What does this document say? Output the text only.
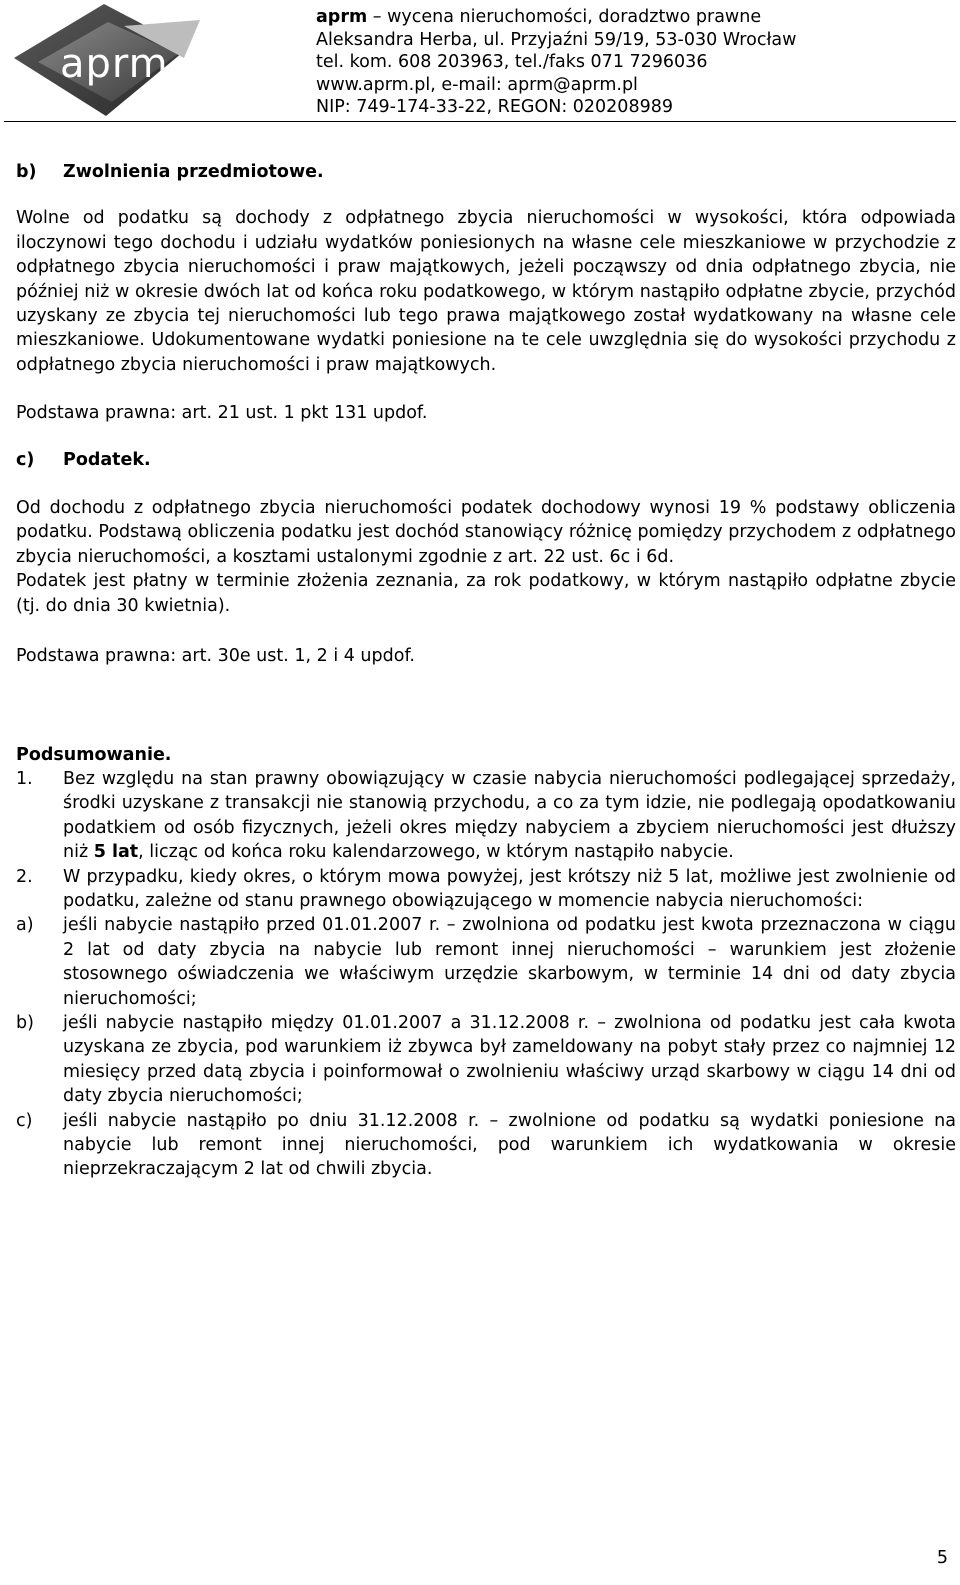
aprm
aprm – wycena nieruchomości, doradztwo prawne
Aleksandra Herba, ul. Przyjaźni 59/19, 53-030 Wrocław
tel. kom. 608 203963, tel./faks 071 7296036
www.aprm.pl, e-mail: aprm@aprm.pl
NIP: 749-174-33-22, REGON: 020208989
b) Zwolnienia przedmiotowe.

Wolne od podatku są dochody z odpłatnego zbycia nieruchomości w wysokości, która odpowiada iloczynowi tego dochodu i udziału wydatków poniesionych na własne cele mieszkaniowe w przychodzie z odpłatnego zbycia nieruchomości i praw majątkowych, jeżeli począwszy od dnia odpłatnego zbycia, nie później niż w okresie dwóch lat od końca roku podatkowego, w którym nastąpiło odpłatne zbycie, przychód uzyskany ze zbycia tej nieruchomości lub tego prawa majątkowego został wydatkowany na własne cele mieszkaniowe. Udokumentowane wydatki poniesione na te cele uwzględnia się do wysokości przychodu z odpłatnego zbycia nieruchomości i praw majątkowych.

Podstawa prawna: art. 21 ust. 1 pkt 131 updof.

c) Podatek.

Od dochodu z odpłatnego zbycia nieruchomości podatek dochodowy wynosi 19 % podstawy obliczenia podatku. Podstawą obliczenia podatku jest dochód stanowiący różnicę pomiędzy przychodem z odpłatnego zbycia nieruchomości, a kosztami ustalonymi zgodnie z art. 22 ust. 6c i 6d.

Podatek jest płatny w terminie złożenia zeznania, za rok podatkowy, w którym nastąpiło odpłatne zbycie (tj. do dnia 30 kwietnia).

Podstawa prawna: art. 30e ust. 1, 2 i 4 updof.

Podsumowanie.
1. Bez względu na stan prawny obowiązujący w czasie nabycia nieruchomości podlegającej sprzedaży, środki uzyskane z transakcji nie stanowią przychodu, a co za tym idzie, nie podlegają opodatkowaniu podatkiem od osób fizycznych, jeżeli okres między nabyciem a zbyciem nieruchomości jest dłuższy niż 5 lat, licząc od końca roku kalendarzowego, w którym nastąpiło nabycie.
2. W przypadku, kiedy okres, o którym mowa powyżej, jest krótszy niż 5 lat, możliwe jest zwolnienie od podatku, zależne od stanu prawnego obowiązującego w momencie nabycia nieruchomości:
a) jeśli nabycie nastąpiło przed 01.01.2007 r. – zwolniona od podatku jest kwota przeznaczona w ciągu 2 lat od daty zbycia na nabycie lub remont innej nieruchomości – warunkiem jest złożenie stosownego oświadczenia we właściwym urzędzie skarbowym, w terminie 14 dni od daty zbycia nieruchomości;
b) jeśli nabycie nastąpiło między 01.01.2007 a 31.12.2008 r. – zwolniona od podatku jest cała kwota uzyskana ze zbycia, pod warunkiem iż zbywca był zameldowany na pobyt stały przez co najmniej 12 miesięcy przed datą zbycia i poinformował o zwolnieniu właściwy urząd skarbowy w ciągu 14 dni od daty zbycia nieruchomości;
c) jeśli nabycie nastąpiło po dniu 31.12.2008 r. – zwolnione od podatku są wydatki poniesione na nabycie lub remont innej nieruchomości, pod warunkiem ich wydatkowania w okresie nieprzekraczającym 2 lat od chwili zbycia.
5
